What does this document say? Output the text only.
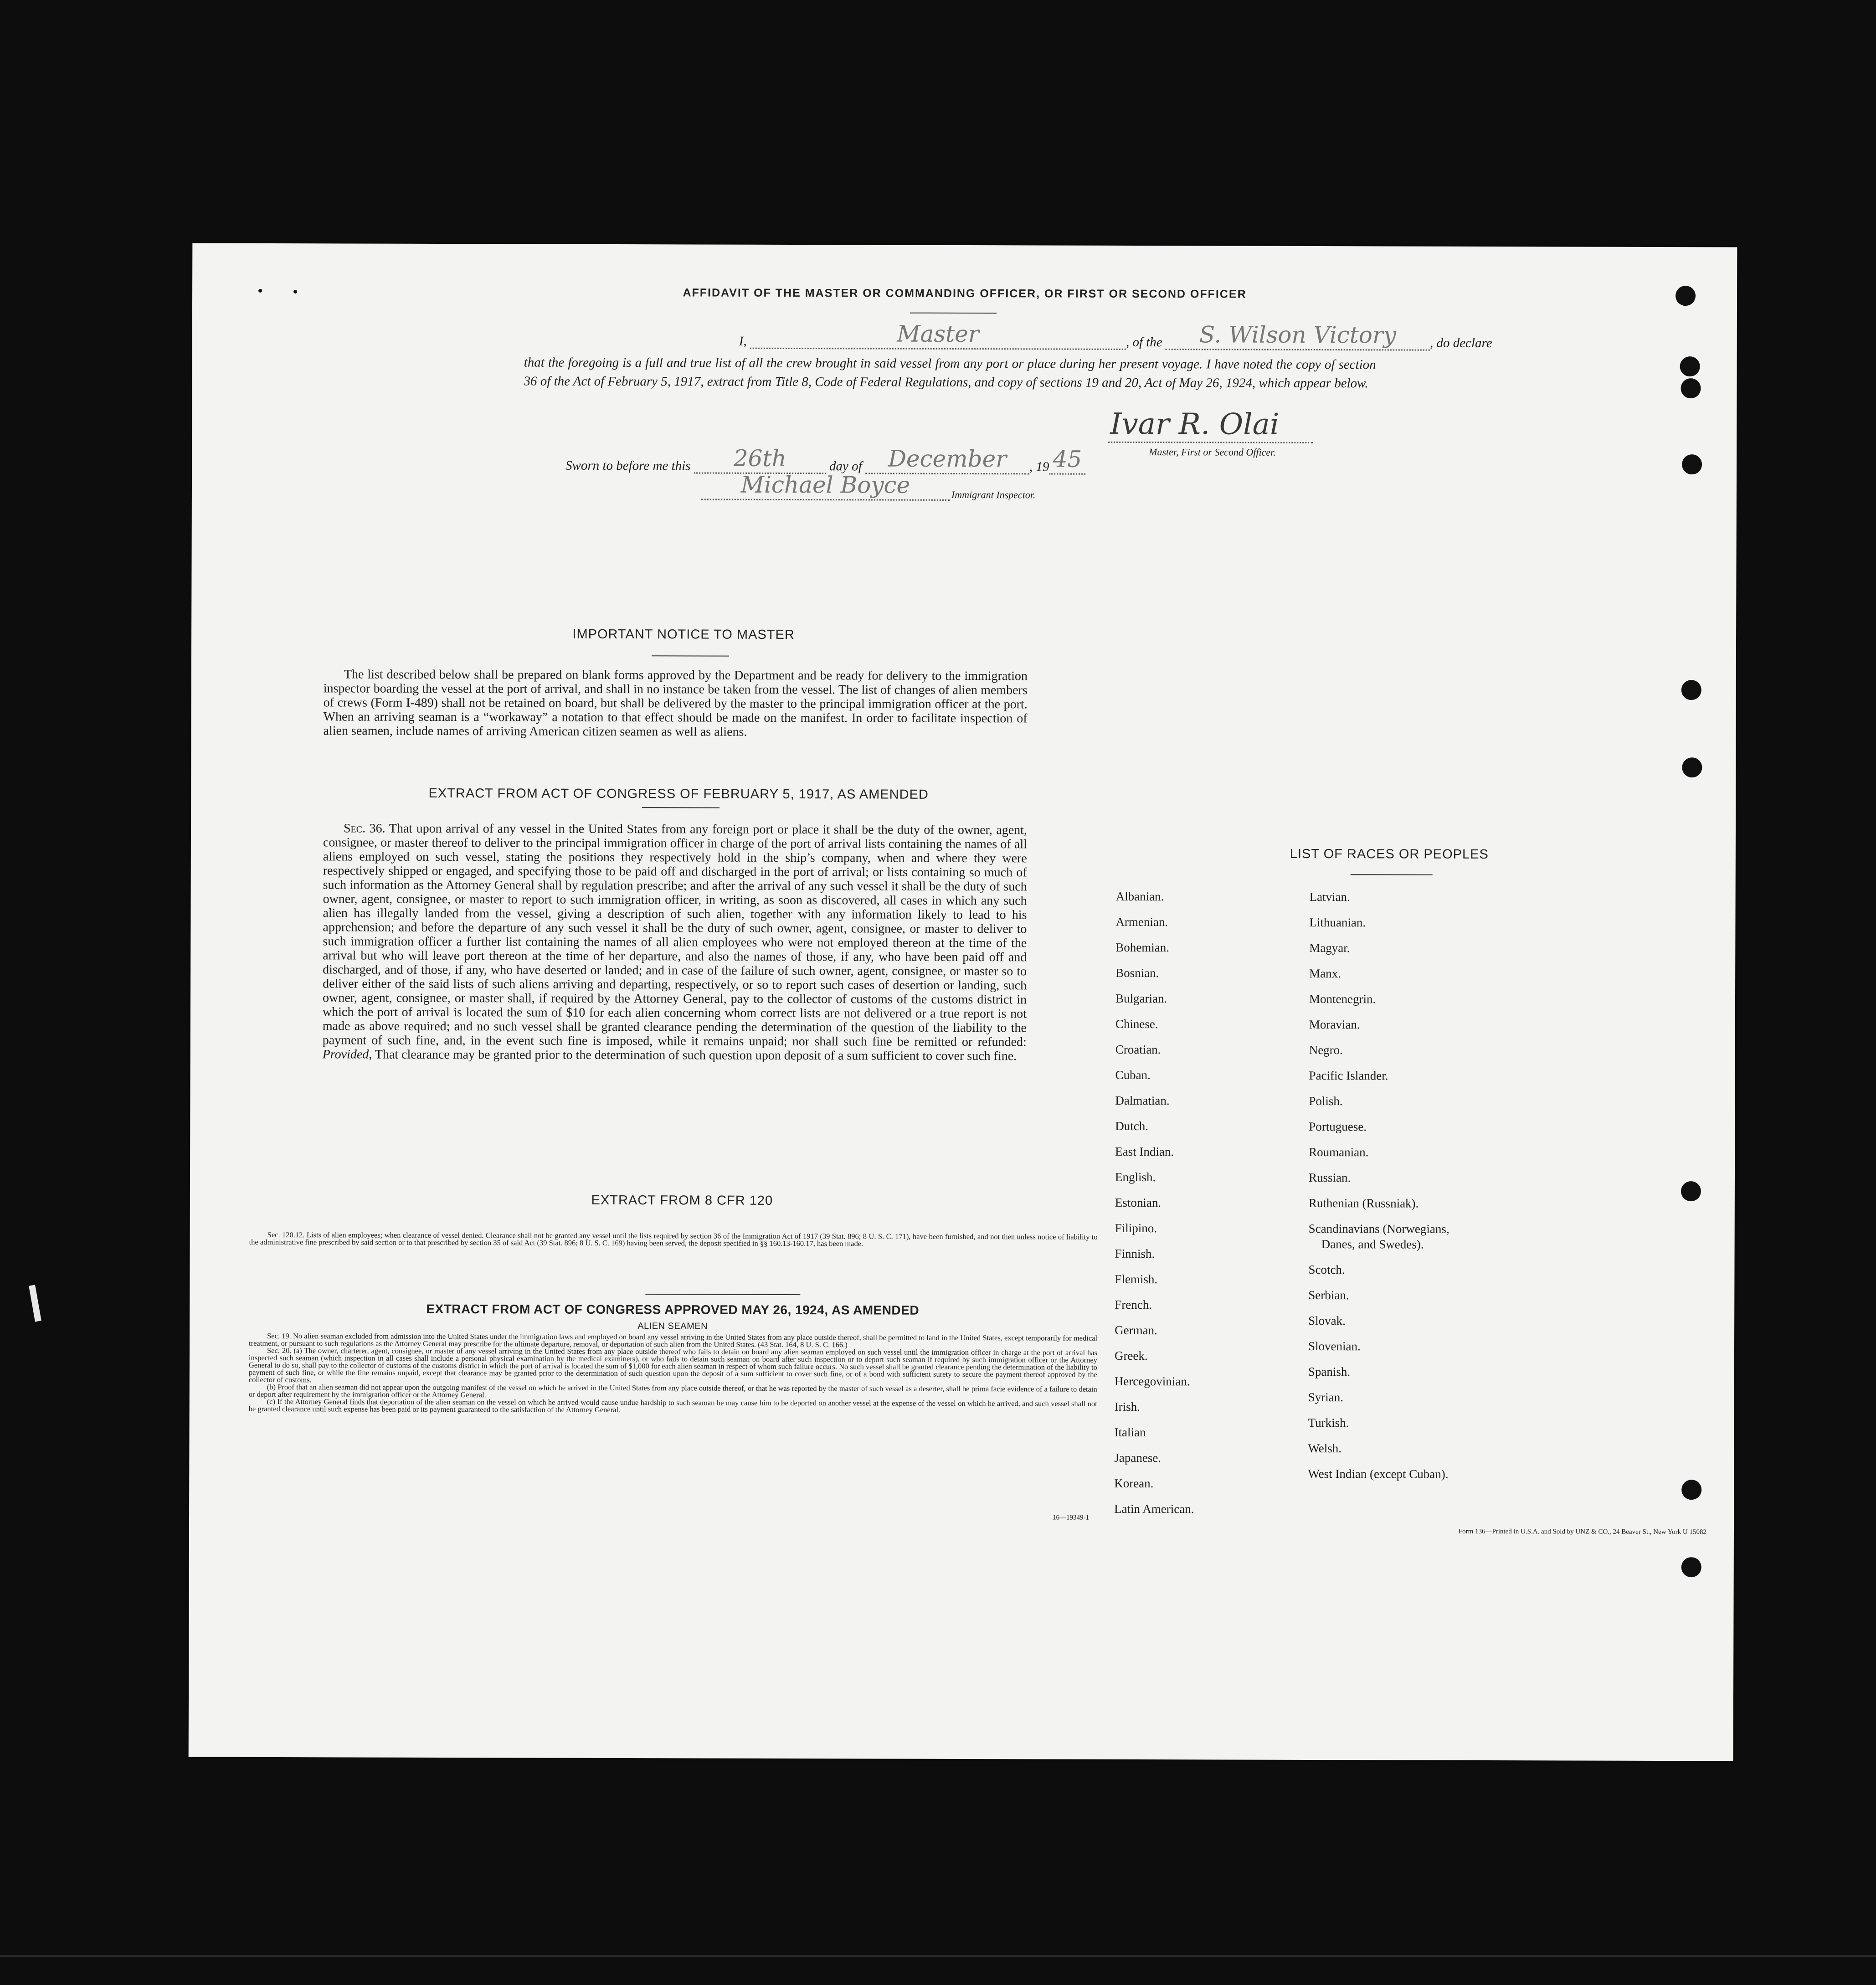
AFFIDAVIT OF THE MASTER OR COMMANDING OFFICER, OR FIRST OR SECOND OFFICER
I,	Master	, of the	S. Wilson Victory	, do declare
that the foregoing is a full and true list of all the crew brought in said vessel from any port or place during her present voyage. I have noted the copy of section 36 of the Act of February 5, 1917, extract from Title 8, Code of Federal Regulations, and copy of sections 19 and 20, Act of May 26, 1924, which appear below.
Ivar R. Olai
Master, First or Second Officer.
Sworn to before me this	26th	day of	December	, 19 45
Michael Boyce	Immigrant Inspector.
IMPORTANT NOTICE TO MASTER
The list described below shall be prepared on blank forms approved by the Department and be ready for delivery to the immigration inspector boarding the vessel at the port of arrival, and shall in no instance be taken from the vessel. The list of changes of alien members of crews (Form I-489) shall not be retained on board, but shall be delivered by the master to the principal immigration officer at the port. When an arriving seaman is a “workaway” a notation to that effect should be made on the manifest. In order to facilitate inspection of alien seamen, include names of arriving American citizen seamen as well as aliens.
EXTRACT FROM ACT OF CONGRESS OF FEBRUARY 5, 1917, AS AMENDED
Sec. 36. That upon arrival of any vessel in the United States from any foreign port or place it shall be the duty of the owner, agent, consignee, or master thereof to deliver to the principal immigration officer in charge of the port of arrival lists containing the names of all aliens employed on such vessel, stating the positions they respectively hold in the ship’s company, when and where they were respectively shipped or engaged, and specifying those to be paid off and discharged in the port of arrival; or lists containing so much of such information as the Attorney General shall by regulation prescribe; and after the arrival of any such vessel it shall be the duty of such owner, agent, consignee, or master to report to such immigration officer, in writing, as soon as discovered, all cases in which any such alien has illegally landed from the vessel, giving a description of such alien, together with any information likely to lead to his apprehension; and before the departure of any such vessel it shall be the duty of such owner, agent, consignee, or master to deliver to such immigration officer a further list containing the names of all alien employees who were not employed thereon at the time of the arrival but who will leave port thereon at the time of her departure, and also the names of those, if any, who have been paid off and discharged, and of those, if any, who have deserted or landed; and in case of the failure of such owner, agent, consignee, or master so to deliver either of the said lists of such aliens arriving and departing, respectively, or so to report such cases of desertion or landing, such owner, agent, consignee, or master shall, if required by the Attorney General, pay to the collector of customs of the customs district in which the port of arrival is located the sum of $10 for each alien concerning whom correct lists are not delivered or a true report is not made as above required; and no such vessel shall be granted clearance pending the determination of the question of the liability to the payment of such fine, and, in the event such fine is imposed, while it remains unpaid; nor shall such fine be remitted or refunded: Provided, That clearance may be granted prior to the determination of such question upon deposit of a sum sufficient to cover such fine.
EXTRACT FROM 8 CFR 120
Sec. 120.12. Lists of alien employees; when clearance of vessel denied. Clearance shall not be granted any vessel until the lists required by section 36 of the Immigration Act of 1917 (39 Stat. 896; 8 U. S. C. 171), have been furnished, and not then unless notice of liability to the administrative fine prescribed by said section or to that prescribed by section 35 of said Act (39 Stat. 896; 8 U. S. C. 169) having been served, the deposit specified in §§ 160.13-160.17, has been made.
EXTRACT FROM ACT OF CONGRESS APPROVED MAY 26, 1924, AS AMENDED
ALIEN SEAMEN
Sec. 19. No alien seaman excluded from admission into the United States under the immigration laws and employed on board any vessel arriving in the United States from any place outside thereof, shall be permitted to land in the United States, except temporarily for medical treatment, or pursuant to such regulations as the Attorney General may prescribe for the ultimate departure, removal, or deportation of such alien from the United States. (43 Stat. 164, 8 U. S. C. 166.)
Sec. 20. (a) The owner, charterer, agent, consignee, or master of any vessel arriving in the United States from any place outside thereof who fails to detain on board any alien seaman employed on such vessel until the immigration officer in charge at the port of arrival has inspected such seaman (which inspection in all cases shall include a personal physical examination by the medical examiners), or who fails to detain such seaman on board after such inspection or to deport such seaman if required by such immigration officer or the Attorney General to do so, shall pay to the collector of customs of the customs district in which the port of arrival is located the sum of $1,000 for each alien seaman in respect of whom such failure occurs. No such vessel shall be granted clearance pending the determination of the liability to payment of such fine, or while the fine remains unpaid, except that clearance may be granted prior to the determination of such question upon the deposit of a sum sufficient to cover such fine, or of a bond with sufficient surety to secure the payment thereof approved by the collector of customs.
(b) Proof that an alien seaman did not appear upon the outgoing manifest of the vessel on which he arrived in the United States from any place outside thereof, or that he was reported by the master of such vessel as a deserter, shall be prima facie evidence of a failure to detain or deport after requirement by the immigration officer or the Attorney General.
(c) If the Attorney General finds that deportation of the alien seaman on the vessel on which he arrived would cause undue hardship to such seaman he may cause him to be deported on another vessel at the expense of the vessel on which he arrived, and such vessel shall not be granted clearance until such expense has been paid or its payment guaranteed to the satisfaction of the Attorney General.
16—19349-1
LIST OF RACES OR PEOPLES
Albanian.
Armenian.
Bohemian.
Bosnian.
Bulgarian.
Chinese.
Croatian.
Cuban.
Dalmatian.
Dutch.
East Indian.
English.
Estonian.
Filipino.
Finnish.
Flemish.
French.
German.
Greek.
Hercegovinian.
Irish.
Italian
Japanese.
Korean.
Latin American.
Latvian.
Lithuanian.
Magyar.
Manx.
Montenegrin.
Moravian.
Negro.
Pacific Islander.
Polish.
Portuguese.
Roumanian.
Russian.
Ruthenian (Russniak).
Scandinavians (Norwegians,
Danes, and Swedes).
Scotch.
Serbian.
Slovak.
Slovenian.
Spanish.
Syrian.
Turkish.
Welsh.
West Indian (except Cuban).
Form 136—Printed in U.S.A. and Sold by UNZ & CO., 24 Beaver St., New York U 15082
